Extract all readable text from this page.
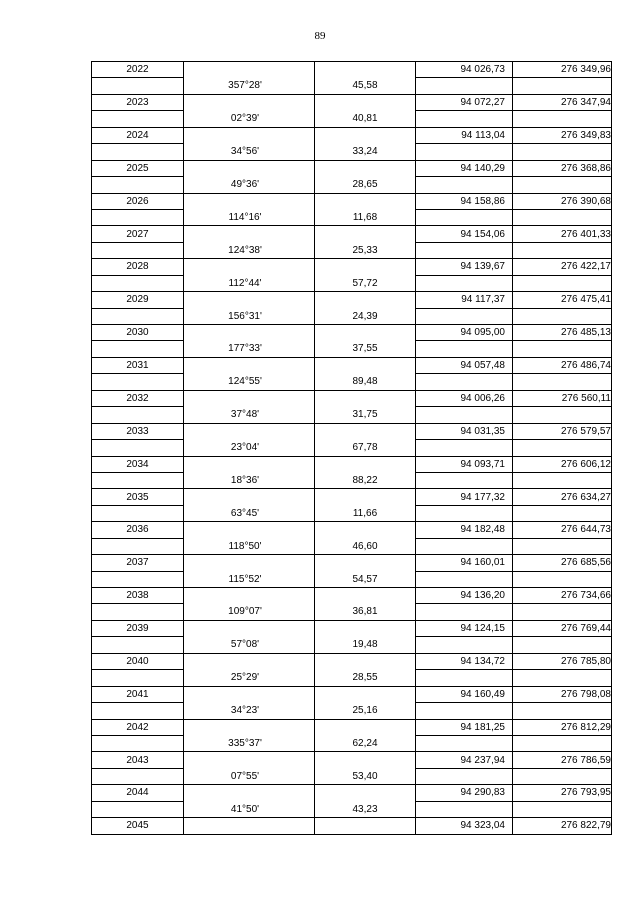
89
2022			94 026,73	276 349,96
	357°28'	45,58		
2023			94 072,27	276 347,94
	02°39'	40,81		
2024			94 113,04	276 349,83
	34°56'	33,24		
2025			94 140,29	276 368,86
	49°36'	28,65		
2026			94 158,86	276 390,68
	114°16'	11,68		
2027			94 154,06	276 401,33
	124°38'	25,33		
2028			94 139,67	276 422,17
	112°44'	57,72		
2029			94 117,37	276 475,41
	156°31'	24,39		
2030			94 095,00	276 485,13
	177°33'	37,55		
2031			94 057,48	276 486,74
	124°55'	89,48		
2032			94 006,26	276 560,11
	37°48'	31,75		
2033			94 031,35	276 579,57
	23°04'	67,78		
2034			94 093,71	276 606,12
	18°36'	88,22		
2035			94 177,32	276 634,27
	63°45'	11,66		
2036			94 182,48	276 644,73
	118°50'	46,60		
2037			94 160,01	276 685,56
	115°52'	54,57		
2038			94 136,20	276 734,66
	109°07'	36,81		
2039			94 124,15	276 769,44
	57°08'	19,48		
2040			94 134,72	276 785,80
	25°29'	28,55		
2041			94 160,49	276 798,08
	34°23'	25,16		
2042			94 181,25	276 812,29
	335°37'	62,24		
2043			94 237,94	276 786,59
	07°55'	53,40		
2044			94 290,83	276 793,95
	41°50'	43,23		
2045			94 323,04	276 822,79
